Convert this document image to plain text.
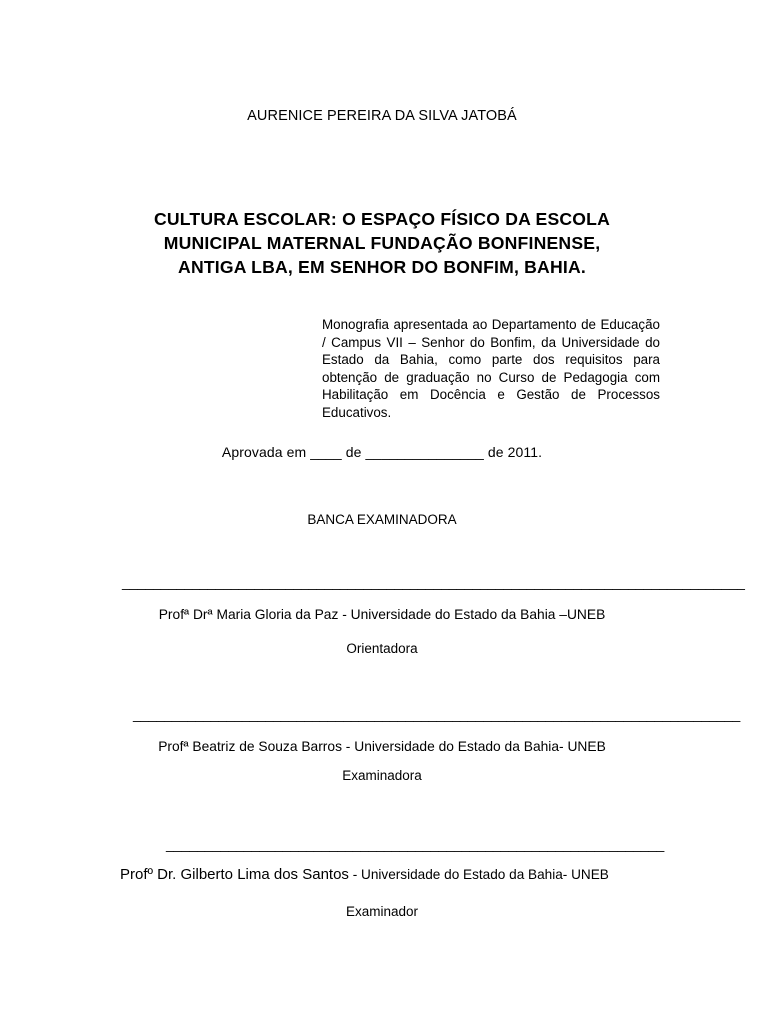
AURENICE PEREIRA DA SILVA JATOBÁ
CULTURA ESCOLAR: O ESPAÇO FÍSICO DA ESCOLA
MUNICIPAL MATERNAL FUNDAÇÃO BONFINENSE,
ANTIGA LBA, EM SENHOR DO BONFIM, BAHIA.
Monografia apresentada ao Departamento de Educação / Campus VII – Senhor do Bonfim, da Universidade do Estado da Bahia, como parte dos requisitos para obtenção de graduação no Curso de Pedagogia com Habilitação em Docência e Gestão de Processos Educativos.
Aprovada em ____ de _______________ de 2011.
BANCA EXAMINADORA
________________________________________________________________________________
Profª Drª Maria Gloria da Paz - Universidade do Estado da Bahia –UNEB
Orientadora
______________________________________________________________________________
Profª Beatriz de Souza Barros - Universidade do Estado da Bahia- UNEB
Examinadora
________________________________________________________________
Profº Dr. Gilberto Lima dos Santos - Universidade do Estado da Bahia- UNEB
Examinador
